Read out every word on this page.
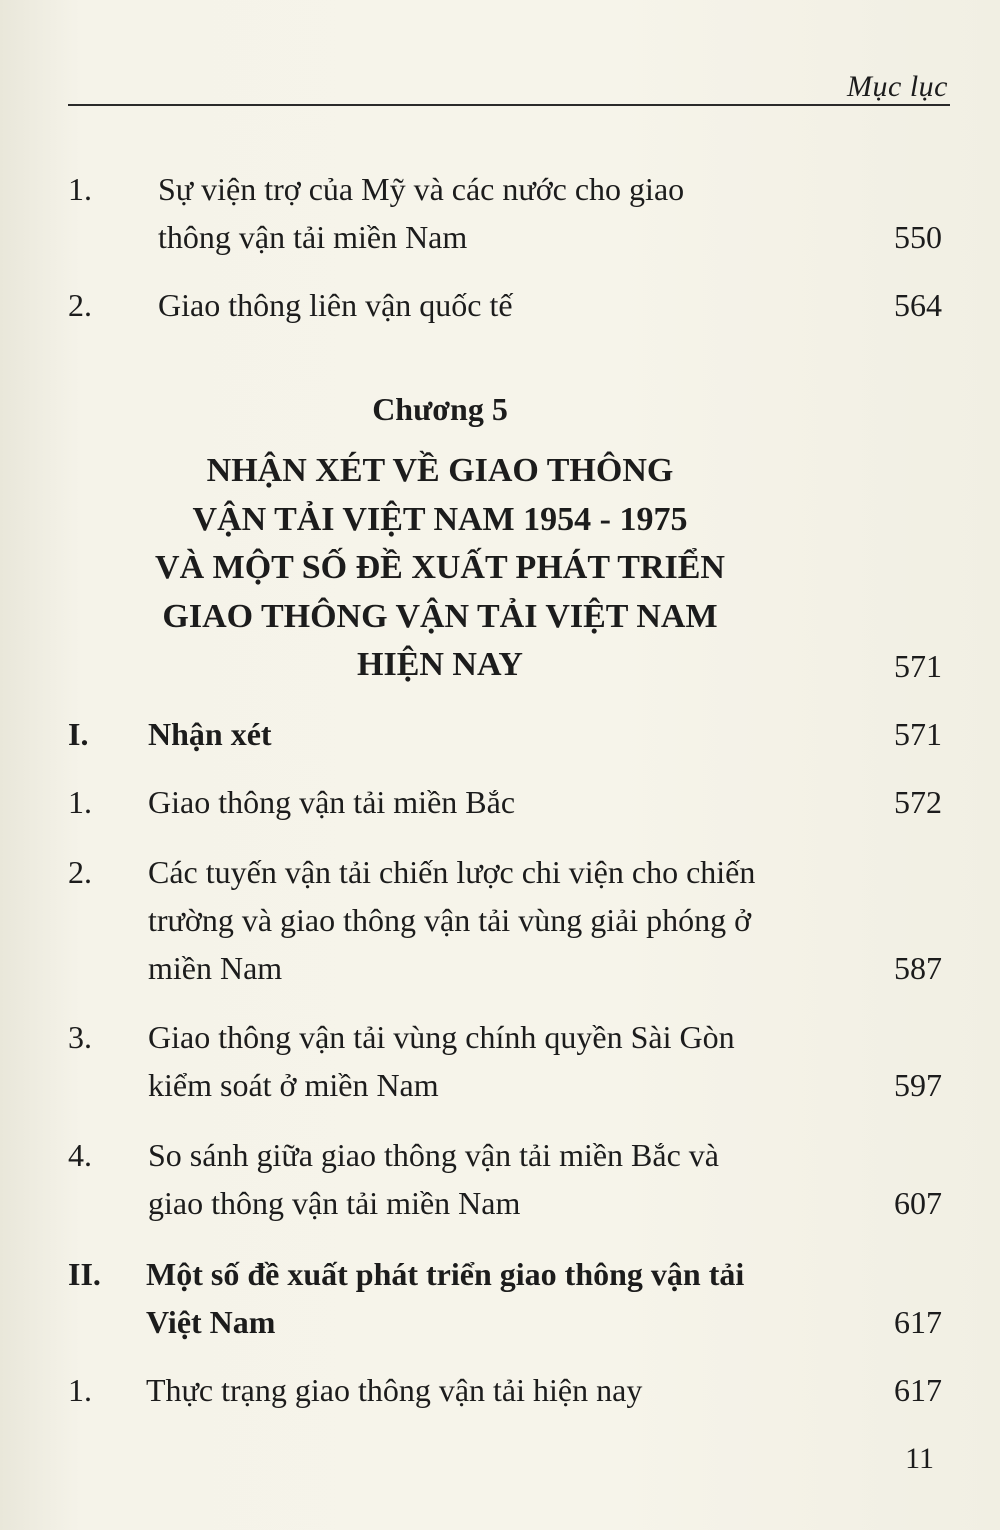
Mục lục
1. Sự viện trợ của Mỹ và các nước cho giao
thông vận tải miền Nam	550
2. Giao thông liên vận quốc tế	564
Chương 5
NHẬN XÉT VỀ GIAO THÔNG
VẬN TẢI VIỆT NAM 1954 - 1975
VÀ MỘT SỐ ĐỀ XUẤT PHÁT TRIỂN
GIAO THÔNG VẬN TẢI VIỆT NAM
HIỆN NAY	571
I. Nhận xét	571
1. Giao thông vận tải miền Bắc	572
2. Các tuyến vận tải chiến lược chi viện cho chiến
trường và giao thông vận tải vùng giải phóng ở
miền Nam	587
3. Giao thông vận tải vùng chính quyền Sài Gòn
kiểm soát ở miền Nam	597
4. So sánh giữa giao thông vận tải miền Bắc và
giao thông vận tải miền Nam	607
II. Một số đề xuất phát triển giao thông vận tải
Việt Nam	617
1. Thực trạng giao thông vận tải hiện nay	617
11
